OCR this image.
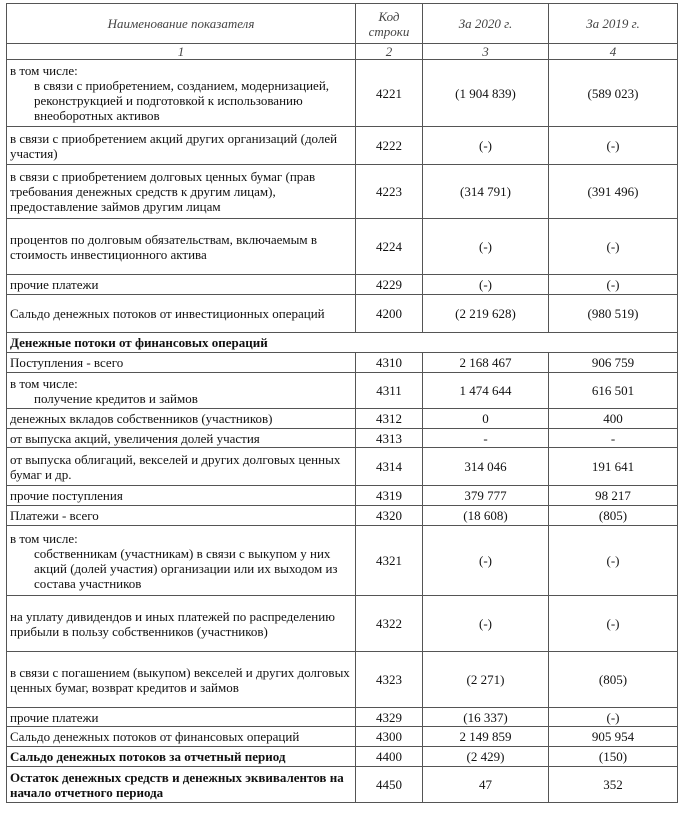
Наименование показателя	Код строки	За 2020 г.	За 2019 г.
1	2	3	4

в том числе:
в связи с приобретением, созданием, модернизацией, реконструкцией и подготовкой к использованию внеоборотных активов	4221	(1 904 839)	(589 023)
в связи с приобретением акций других организаций (долей участия)	4222	(-)	(-)
в связи с приобретением долговых ценных бумаг (прав требования денежных средств к другим лицам), предоставление займов другим лицам	4223	(314 791)	(391 496)
процентов по долговым обязательствам, включаемым в стоимость инвестиционного актива	4224	(-)	(-)
прочие платежи	4229	(-)	(-)
Сальдо денежных потоков от инвестиционных операций	4200	(2 219 628)	(980 519)
Денежные потоки от финансовых операций			
Поступления - всего	4310	2 168 467	906 759

в том числе:
получение кредитов и займов	4311	1 474 644	616 501
денежных вкладов собственников (участников)	4312	0	400
от выпуска акций, увеличения долей участия	4313	-	-
от выпуска облигаций, векселей и других долговых ценных бумаг и др.	4314	314 046	191 641
прочие поступления	4319	379 777	98 217
Платежи - всего	4320	(18 608)	(805)

в том числе:
собственникам (участникам) в связи с выкупом у них акций (долей участия) организации или их выходом из состава участников	4321	(-)	(-)
на уплату дивидендов и иных платежей по распределению прибыли в пользу собственников (участников)	4322	(-)	(-)
в связи с погашением (выкупом) векселей и других долговых ценных бумаг, возврат кредитов и займов	4323	(2 271)	(805)
прочие платежи	4329	(16 337)	(-)
Сальдо денежных потоков от финансовых операций	4300	2 149 859	905 954
Сальдо денежных потоков за отчетный период	4400	(2 429)	(150)
Остаток денежных средств и денежных эквивалентов на начало отчетного периода	4450	47	352
